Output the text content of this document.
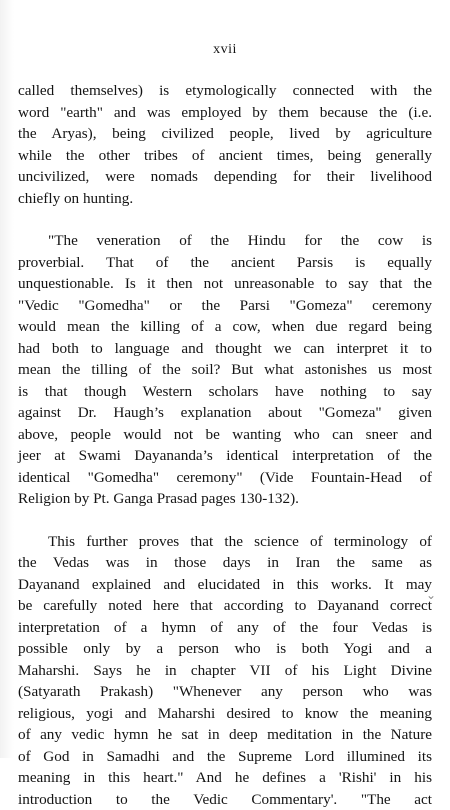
xvii
called themselves) is etymologically connected with the
word "earth" and was employed by them because the (i.e.
the Aryas), being civilized people, lived by agriculture
while the other tribes of ancient times, being generally
uncivilized, were nomads depending for their livelihood
chiefly on hunting.
"The veneration of the Hindu for the cow is
proverbial. That of the ancient Parsis is equally
unquestionable. Is it then not unreasonable to say that the
"Vedic "Gomedha" or the Parsi "Gomeza" ceremony
would mean the killing of a cow, when due regard being
had both to language and thought we can interpret it to
mean the tilling of the soil? But what astonishes us most
is that though Western scholars have nothing to say
against Dr. Haugh’s explanation about "Gomeza" given
above, people would not be wanting who can sneer and
jeer at Swami Dayananda’s identical interpretation of the
identical "Gomedha" ceremony" (Vide Fountain-Head of
Religion by Pt. Ganga Prasad pages 130-132).
This further proves that the science of terminology of
the Vedas was in those days in Iran the same as
Dayanand explained and elucidated in this works. It may
be carefully noted here that according to Dayanand correct
interpretation of a hymn of any of the four Vedas is
possible only by a person who is both Yogi and a
Maharshi. Says he in chapter VII of his Light Divine
(Satyarath Prakash) "Whenever any person who was
religious, yogi and Maharshi desired to know the meaning
of any vedic hymn he sat in deep meditation in the Nature
of God in Samadhi and the Supreme Lord illumined its
meaning in this heart." And he defines a 'Rishi' in his
introduction to the Vedic Commentary'. "The act
⌄
